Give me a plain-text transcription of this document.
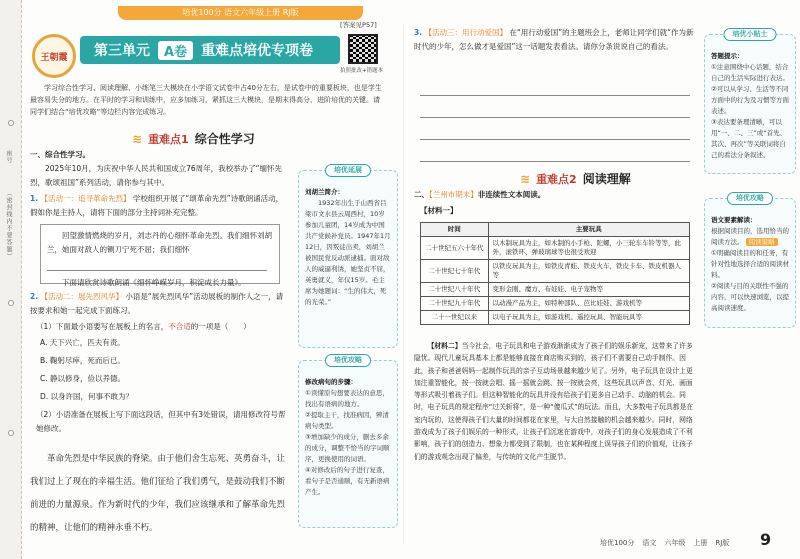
座号
（密封线内不要答题）
培优100分 语文六年级上册 RJ版
[答案见P57]
王朝霞	第三单元	A卷	重难点培优专项卷
拍照批改+错题本
学习综合性学习、阅读理解、小练笔三大模块在小学语文试卷中占40分左右，是试卷中的重要板块，也是学生最容易失分的地方。在平时的学习和训练中，应多加练习，紧抓这三大模块，是期末得高分、进阶培优的关键。请同学们结合“培优攻略”等边栏内容完成练习。
≋ 重难点1 综合性学习
一、综合性学习。
2025年10月，为庆祝中华人民共和国成立76周年，我校举办了“缅怀先烈，歌颂祖国”系列活动，请你参与其中。
1. 【活动一：追寻革命先烈】 学校组织开展了“颂革命先烈”诗歌朗诵活动，假如你是主持人，请将下面的部分主持词补充完整。
回望激情燃烧的岁月，刘志丹的心细怀革命先烈。我们细怀刘胡兰，她面对敌人的铡刀宁死不屈；我们细怀
下面请欣赏诗歌朗诵《细怀峥嵘岁月，积淀成长力量》。
2. 【活动二：展先烈风华】 小语是“展先烈风华”活动展板的制作人之一，请按要求和她一起完成下面练习。
（1）下面最小语要写在展板上的名言，不合适的一项是（　　）
A. 天下兴亡，匹夫有责。
B. 鞠躬尽瘁，死而后已。
C. 静以修身，俭以养德。
D. 以身许国，何事不敢为？
（2）小语准备在展板上写下面这段话，但其中有3处错误，请用修改符号帮她修改。
革命先烈是中华民族的脊梁。由于他们舍生忘死、英勇奋斗，让我们过上了现在的幸福生活。他们征给了我们勇气，是鼓动我们不断前进的力量源泉。作为新时代的少年，我们应该继承和了解革命先烈的精神，让他们的精神永垂不朽。
培优延展
刘胡兰简介：
1932年出生于山西省吕梁市文水县云周西村，10岁参加儿童团，14岁成为中国共产党候补党员。1947年1月12日，因叛徒出卖，刘胡兰被国民党反动派逮捕。面对敌人的威逼利诱，她坚贞不屈，英勇就义，年仅15岁。毛主席为她题词：“生的伟大，死的光荣。”
培优攻略
修改病句的步骤：
①读懂原句想要表达的意思，找出有语病的地方。
②提取主干，找准病因，辨清病句类型。
③增加缺少的成分，删去多余的成分，调整不恰当的字词顺序，更换使用的词语。
④对修改后的句子进行复查，看句子是否通顺，有无新语病产生。
3. 【活动三：用行动爱国】 在“用行动爱国”的主题班会上，老师让同学们就“作为新时代的少年，怎么做才是爱国”这一话题发表看法。请你分条说说自己的看法。
培优小贴士
答题提示：
①注意围绕中心话题，结合自己的生活实际进行表达。
②可以从学习、生活等不同方面中的行为及习惯等方面表述。
③表达要条理清晰，可以用“一、二、三”或“首先、其次、再次”等关联词将自己的看法分条叙述。
≋ 重难点2 阅读理解
二、【兰州市期末】非连续性文本阅读。
【材料一】
时间	主要玩具
二十世纪五六十年代	以木制玩具为主，如木制的小手枪、陀螺，小三轮车车铃等等，此外，滚铁环、弹玻璃球等也很受欢迎
二十世纪七十年代	以铁皮玩具为主，如铁皮青蛙、铁皮火车，铁皮卡车、铁皮机器人等
二十世纪八十年代	变形金刚、魔方、布娃娃、电子宠物等
二十世纪九十年代	以动漫产品为主，如特种部队、芭比娃娃、游戏机等
二十一世纪以来	以电子玩具为主，如游戏机、遥控玩具、智能玩具等
【材料二】当今社会，电子玩具和电子游戏渐渐成为了孩子们的娱乐新宠，这带来了许多隐忧。现代儿童玩具基本上都是能够直接在商店购买到的，孩子们不需要自己动手制作。因此，孩子和爸爸妈妈一起制作玩具的亲子互动场景越来越少见了。另外，电子玩具在设计上更加注重智能化，按一按就会唱、摇一摇就会跳、按一按就会亮，这些玩具以声音、灯光、画面等形式吸引着孩子们。但这种智能化的玩具并没有给孩子们更多自己动手、动脑的机会。同时，电子玩具的规定程序“过关斩将”，是一种“傻瓜式”的玩法。而且，大多数电子玩具都是在室内玩的，这使得孩子们大量的时间都花在家里，与大自然接触的机会越来越少。同时，网络游戏成为了孩子们娱乐的一种形式，让孩子们沉迷在游戏中，对孩子们的身心发展造成了不利影响，孩子们的创造力、想象力都受到了限制，也在某种程度上误导孩子们的价值观，让孩子们的游戏观念出现了偏差，与传统的文化产生脱节。
培优攻略
语文要素解读：
根据阅读目的，选用恰当的阅读方法。 阅读策略
①明确阅读目的和任务，有针对性地选择合适的阅读材料。
②阅读与目的关联性不强的内容，可以快速浏览，以提高阅读速度。
培优100分 语文 六年级 上册 RJ版 9
